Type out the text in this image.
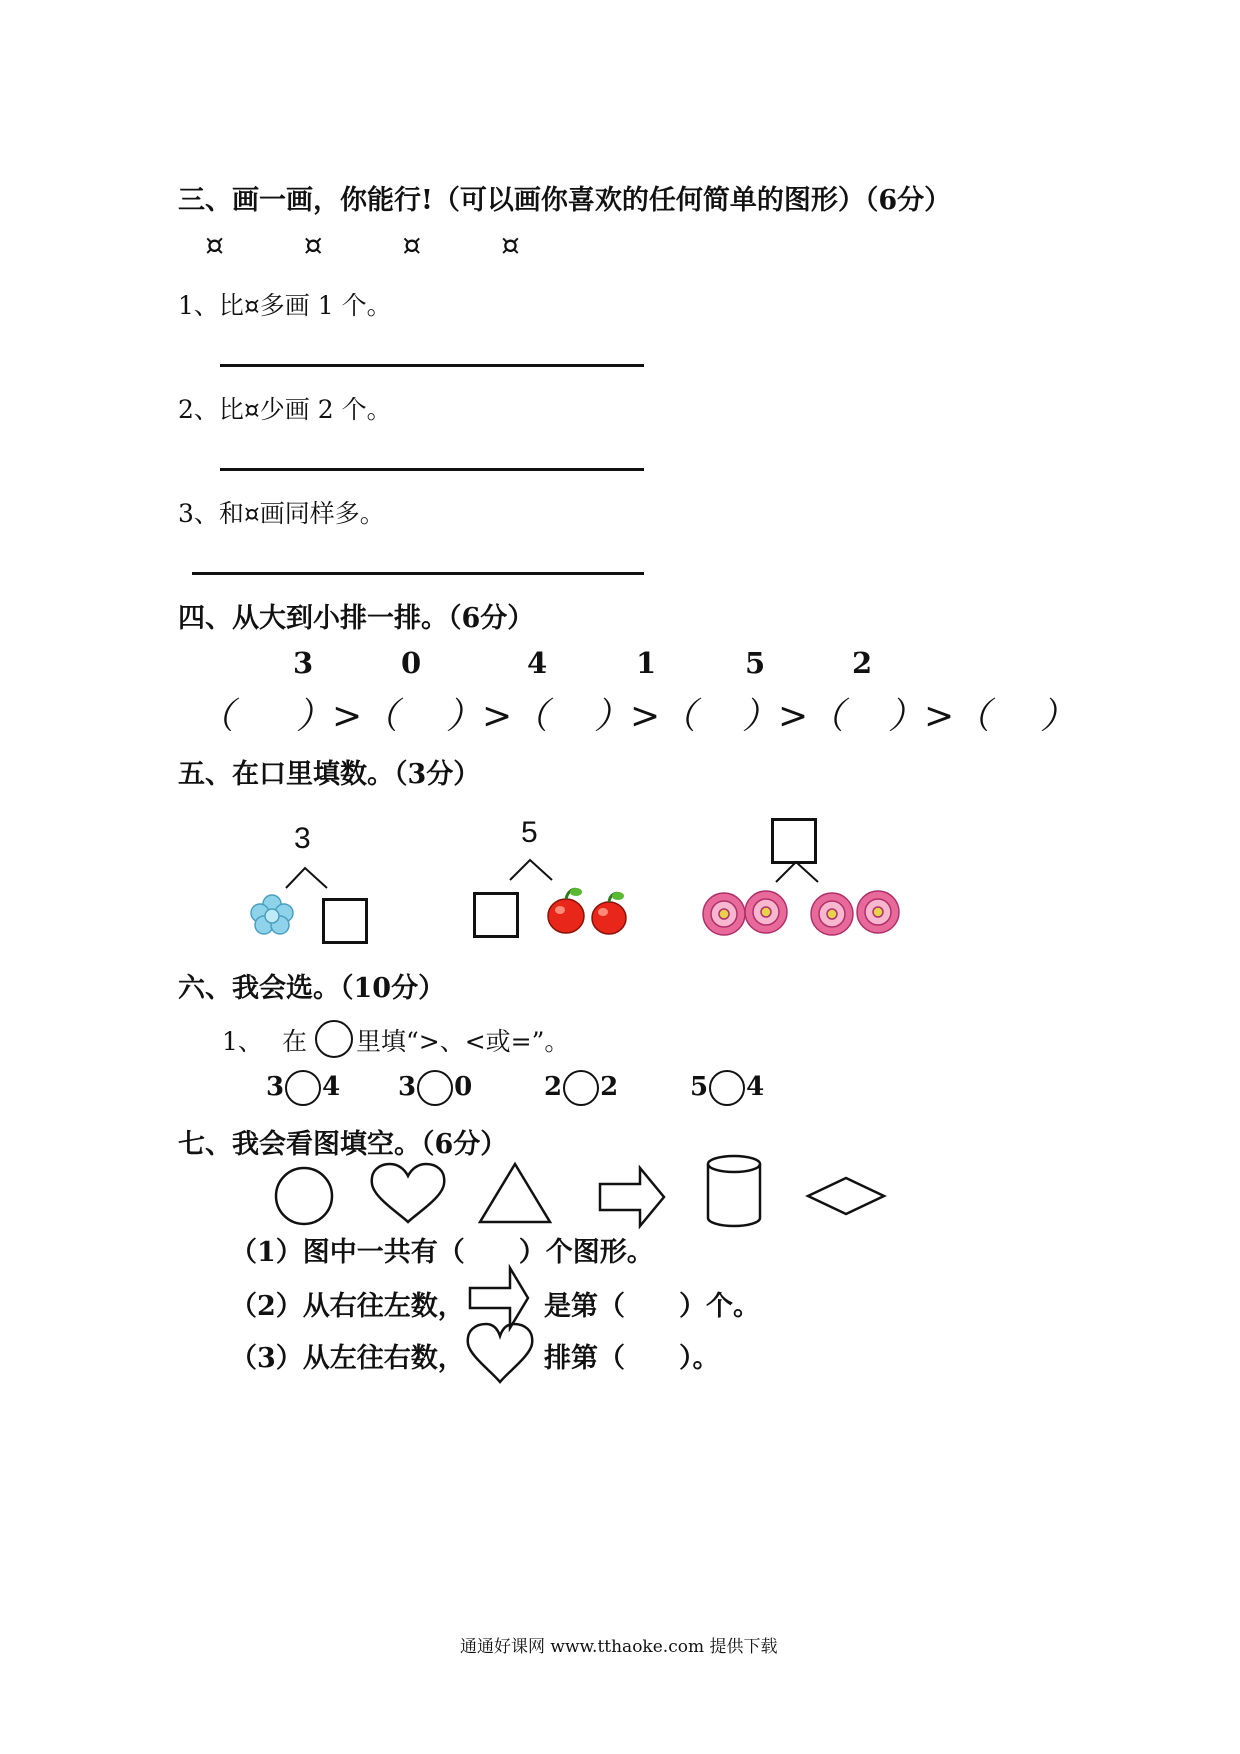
三、画一画，你能行!（可以画你喜欢的任何简单的图形）（6分）
¤	¤	¤	¤
1、比¤多画 1 个。
2、比¤少画 2 个。
3、和¤画同样多。
四、从大到小排一排。（6分）
3	0	4	1	5	2
（ ）>（ ）>（ ）>（ ）>（ ）>（ ）
五、在口里填数。（3分）
3	5
六、我会选。（10分）
1、 在 里填“>、<或=”。
3 4 3 0	2 2	5 4
七、我会看图填空。（6分）
（1）图中一共有（　　）个图形。
（2）从右往左数，	是第（　　）个。
（3）从左往右数，	排第（　　）。
通通好课网 www.tthaoke.com 提供下载
